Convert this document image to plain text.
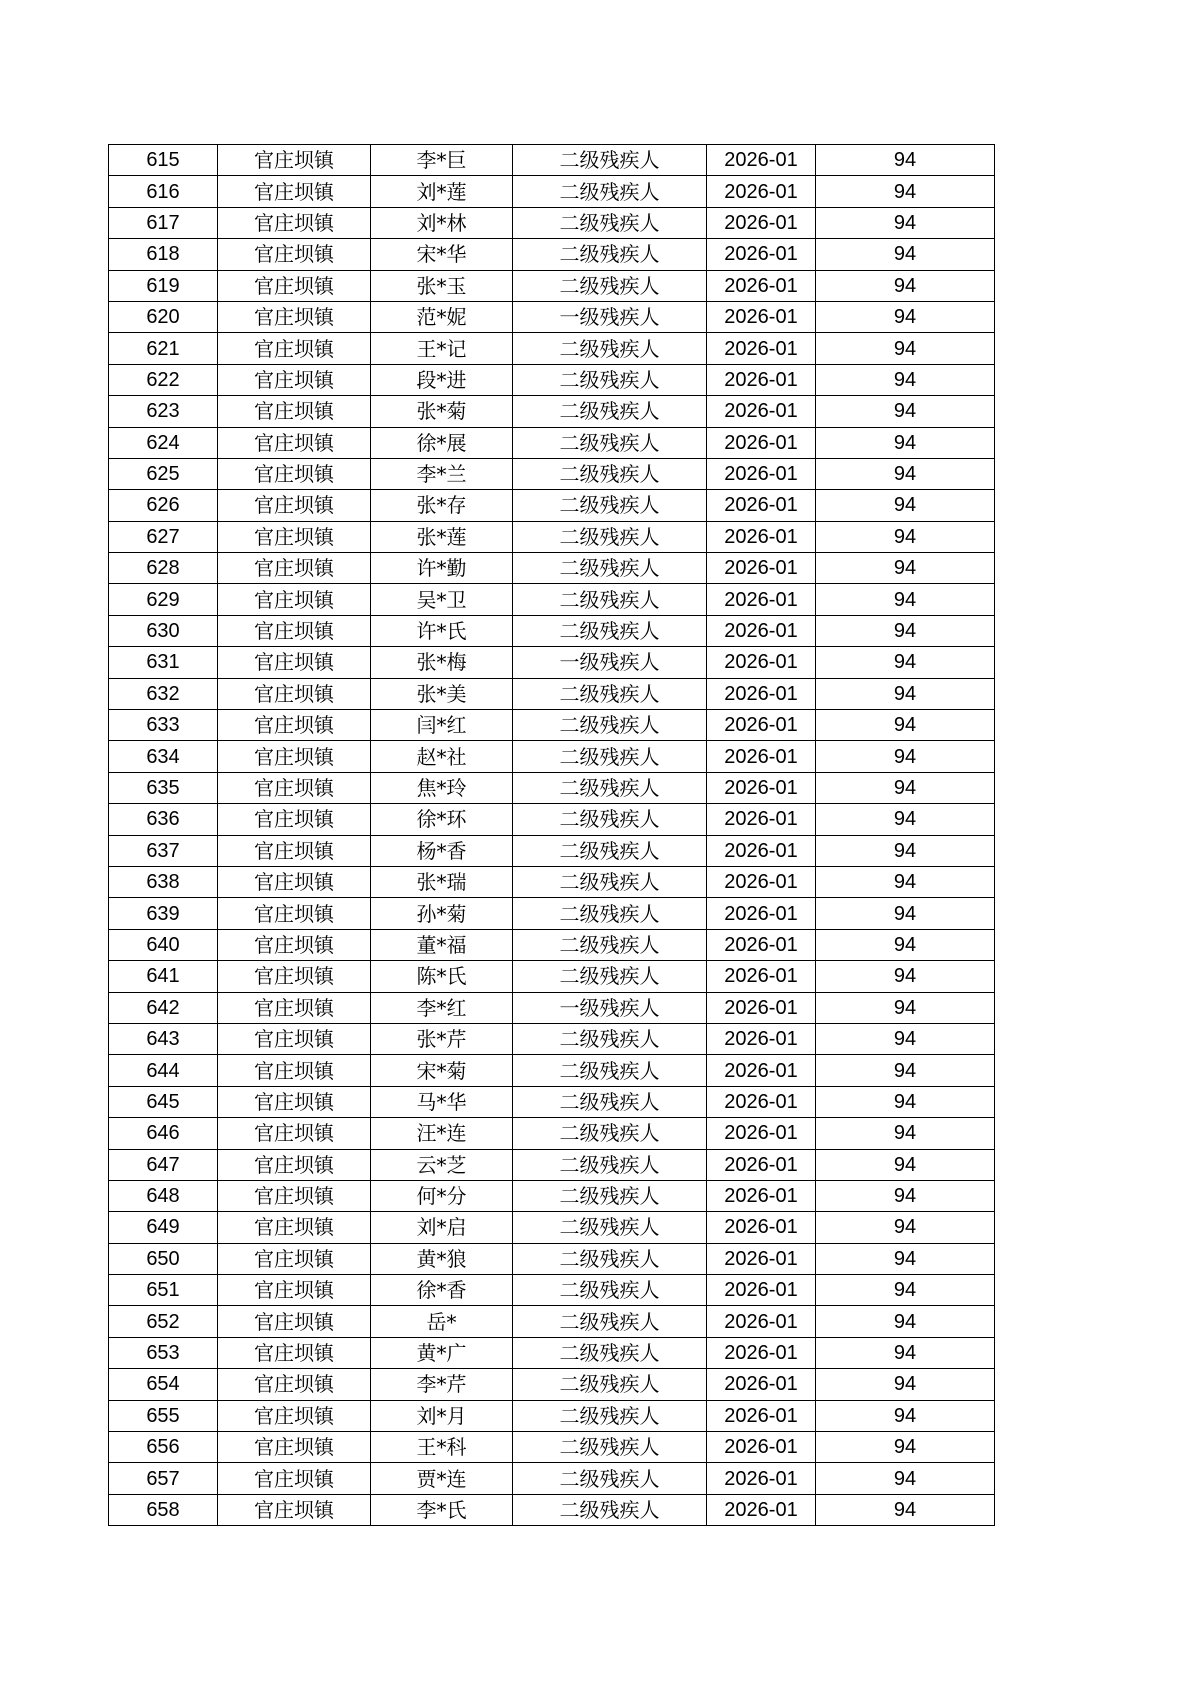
615	官庄坝镇	李*巨	二级残疾人	2026-01	94
616	官庄坝镇	刘*莲	二级残疾人	2026-01	94
617	官庄坝镇	刘*林	二级残疾人	2026-01	94
618	官庄坝镇	宋*华	二级残疾人	2026-01	94
619	官庄坝镇	张*玉	二级残疾人	2026-01	94
620	官庄坝镇	范*妮	一级残疾人	2026-01	94
621	官庄坝镇	王*记	二级残疾人	2026-01	94
622	官庄坝镇	段*进	二级残疾人	2026-01	94
623	官庄坝镇	张*菊	二级残疾人	2026-01	94
624	官庄坝镇	徐*展	二级残疾人	2026-01	94
625	官庄坝镇	李*兰	二级残疾人	2026-01	94
626	官庄坝镇	张*存	二级残疾人	2026-01	94
627	官庄坝镇	张*莲	二级残疾人	2026-01	94
628	官庄坝镇	许*勤	二级残疾人	2026-01	94
629	官庄坝镇	吴*卫	二级残疾人	2026-01	94
630	官庄坝镇	许*氏	二级残疾人	2026-01	94
631	官庄坝镇	张*梅	一级残疾人	2026-01	94
632	官庄坝镇	张*美	二级残疾人	2026-01	94
633	官庄坝镇	闫*红	二级残疾人	2026-01	94
634	官庄坝镇	赵*社	二级残疾人	2026-01	94
635	官庄坝镇	焦*玲	二级残疾人	2026-01	94
636	官庄坝镇	徐*环	二级残疾人	2026-01	94
637	官庄坝镇	杨*香	二级残疾人	2026-01	94
638	官庄坝镇	张*瑞	二级残疾人	2026-01	94
639	官庄坝镇	孙*菊	二级残疾人	2026-01	94
640	官庄坝镇	董*福	二级残疾人	2026-01	94
641	官庄坝镇	陈*氏	二级残疾人	2026-01	94
642	官庄坝镇	李*红	一级残疾人	2026-01	94
643	官庄坝镇	张*芹	二级残疾人	2026-01	94
644	官庄坝镇	宋*菊	二级残疾人	2026-01	94
645	官庄坝镇	马*华	二级残疾人	2026-01	94
646	官庄坝镇	汪*连	二级残疾人	2026-01	94
647	官庄坝镇	云*芝	二级残疾人	2026-01	94
648	官庄坝镇	何*分	二级残疾人	2026-01	94
649	官庄坝镇	刘*启	二级残疾人	2026-01	94
650	官庄坝镇	黄*狼	二级残疾人	2026-01	94
651	官庄坝镇	徐*香	二级残疾人	2026-01	94
652	官庄坝镇	岳*	二级残疾人	2026-01	94
653	官庄坝镇	黄*广	二级残疾人	2026-01	94
654	官庄坝镇	李*芹	二级残疾人	2026-01	94
655	官庄坝镇	刘*月	二级残疾人	2026-01	94
656	官庄坝镇	王*科	二级残疾人	2026-01	94
657	官庄坝镇	贾*连	二级残疾人	2026-01	94
658	官庄坝镇	李*氏	二级残疾人	2026-01	94
